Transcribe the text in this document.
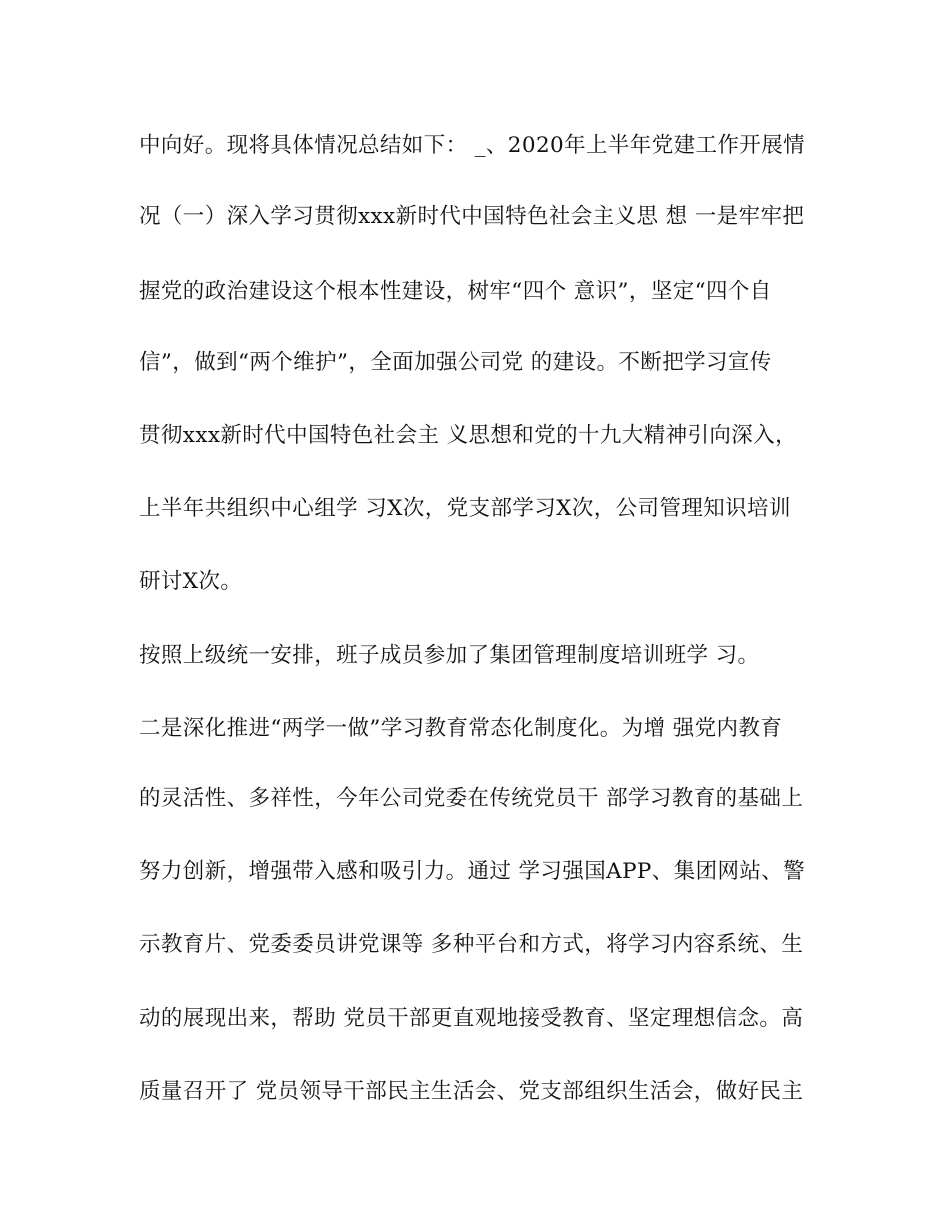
中向好。现将具体情况总结如下： _、2020年上半年党建工作开展情
况（一）深入学习贯彻xxx新时代中国特色社会主义思 想 一是牢牢把
握党的政治建设这个根本性建设，树牢“四个 意识”，坚定“四个自
信”，做到“两个维护”，全面加强公司党 的建设。不断把学习宣传
贯彻xxx新时代中国特色社会主 义思想和党的十九大精神引向深入，
上半年共组织中心组学 习X次，党支部学习X次，公司管理知识培训
研讨X次。
按照上级统一安排，班子成员参加了集团管理制度培训班学 习。
二是深化推进“两学一做”学习教育常态化制度化。为增 强党内教育
的灵活性、多祥性，今年公司党委在传统党员干 部学习教育的基础上
努力创新，增强带入感和吸引力。通过 学习强国APP、集团网站、警
示教育片、党委委员讲党课等 多种平台和方式，将学习内容系统、生
动的展现出来，帮助 党员干部更直观地接受教育、坚定理想信念。高
质量召开了 党员领导干部民主生活会、党支部组织生活会，做好民主
